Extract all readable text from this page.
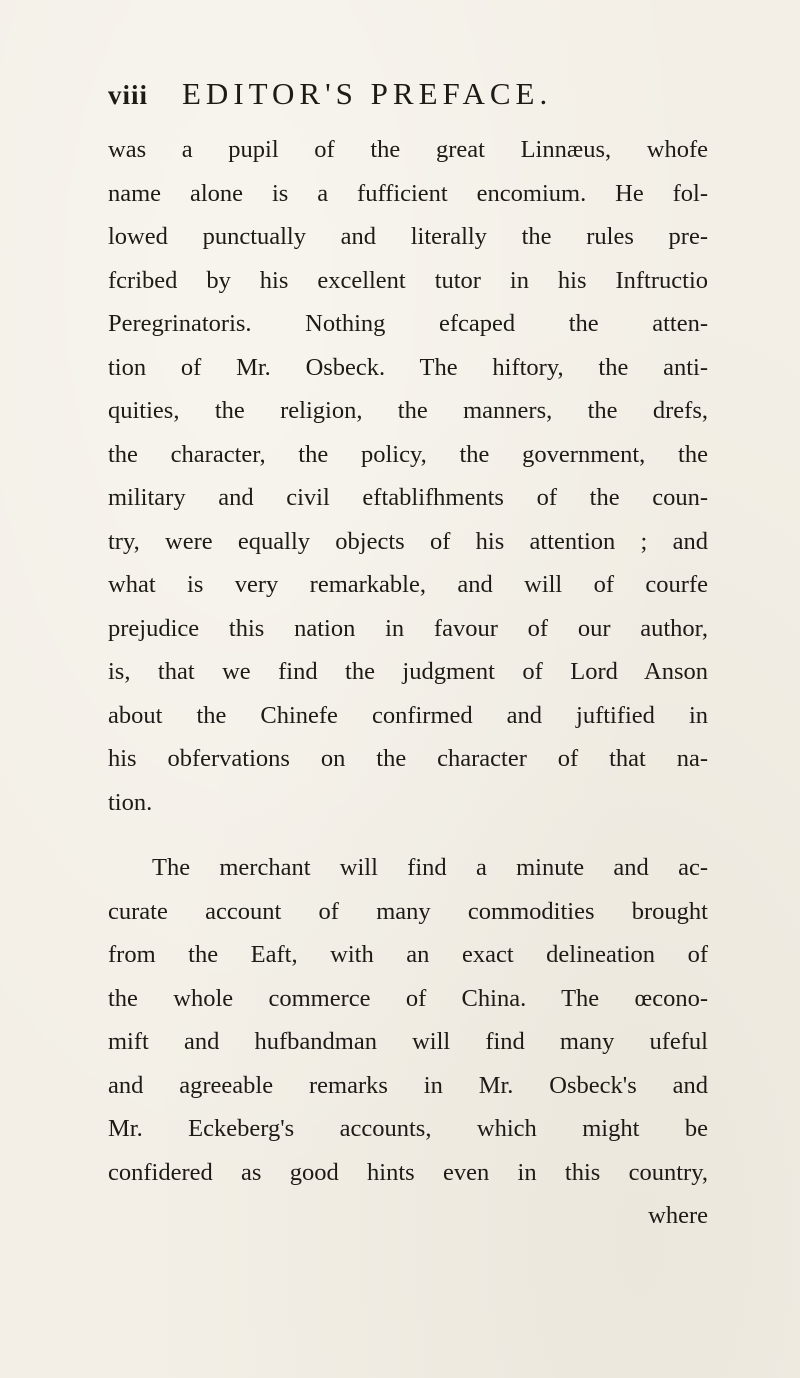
viii	EDITOR'S PREFACE.
was a pupil of the great Linnæus, whofe
name alone is a fufficient encomium. He fol-
lowed punctually and literally the rules pre-
fcribed by his excellent tutor in his Inftructio
Peregrinatoris. Nothing efcaped the atten-
tion of Mr. Osbeck. The hiftory, the anti-
quities, the religion, the manners, the drefs,
the character, the policy, the government, the
military and civil eftablifhments of the coun-
try, were equally objects of his attention ; and
what is very remarkable, and will of courfe
prejudice this nation in favour of our author,
is, that we find the judgment of Lord Anson
about the Chinefe confirmed and juftified in
his obfervations on the character of that na-
tion.
The merchant will find a minute and ac-
curate account of many commodities brought
from the Eaft, with an exact delineation of
the whole commerce of China. The œcono-
mift and hufbandman will find many ufeful
and agreeable remarks in Mr. Osbeck's and
Mr. Eckeberg's accounts, which might be
confidered as good hints even in this country,
where
